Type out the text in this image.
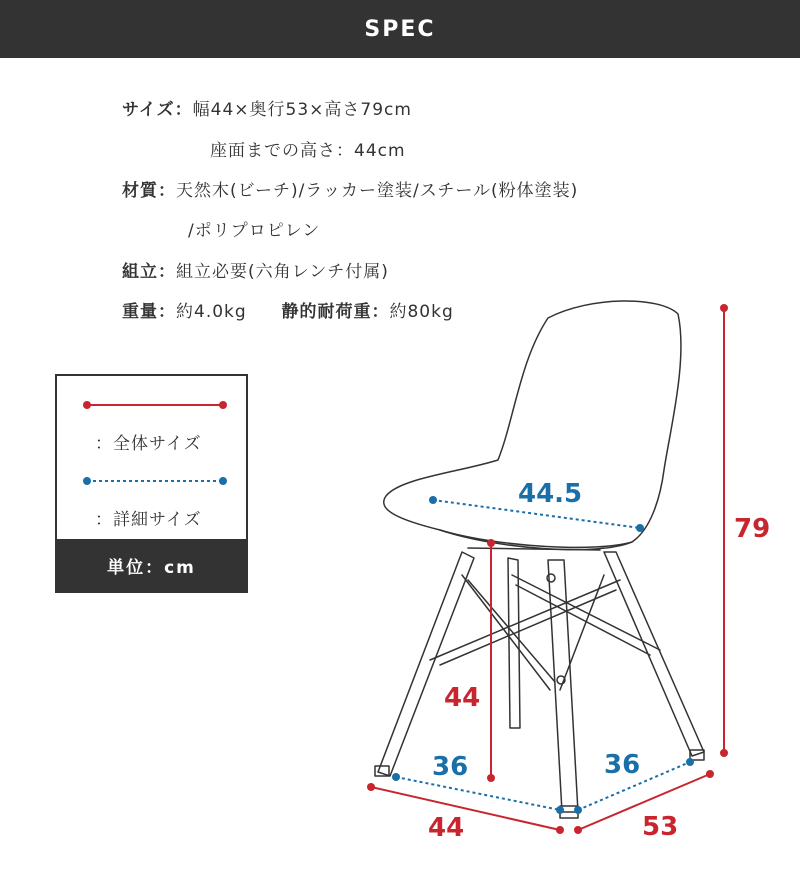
SPEC
サイズ：幅44×奥行53×高さ79cm
座面までの高さ：44cm
材質：天然木(ビーチ)/ラッカー塗装/スチール(粉体塗装)
/ポリプロピレン
組立：組立必要(六角レンチ付属)
重量：約4.0kg 静的耐荷重：約80kg
：全体サイズ
：詳細サイズ
単位：cm
44.5
79
44
36	36
44	53
